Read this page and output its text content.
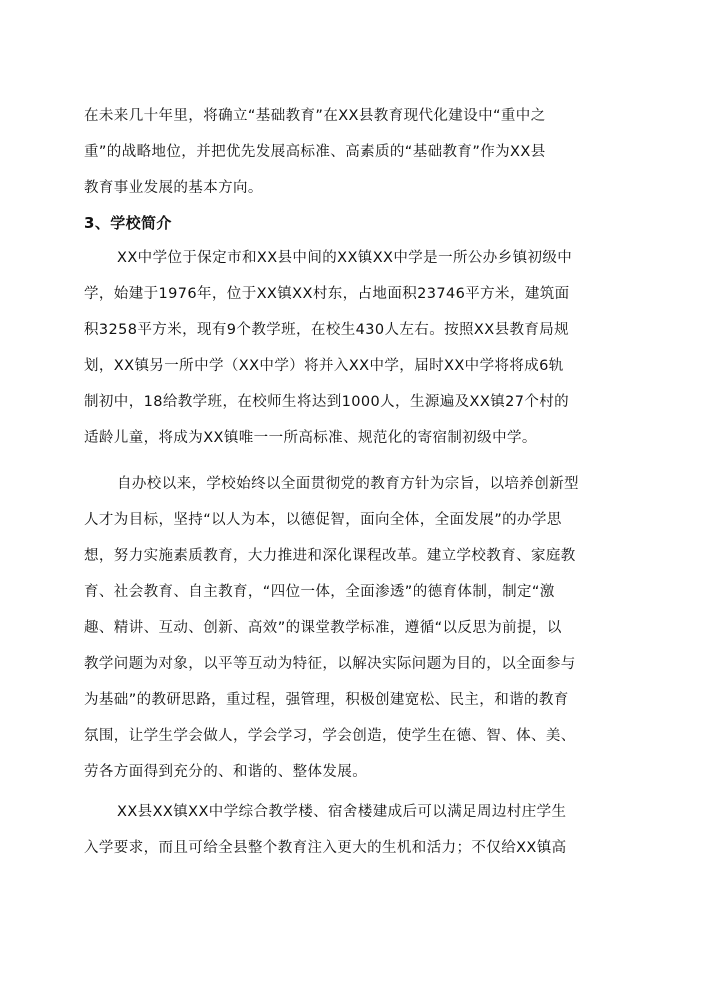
在未来几十年里，将确立“基础教育”在XX县教育现代化建设中“重中之
重”的战略地位，并把优先发展高标准、高素质的“基础教育”作为XX县
教育事业发展的基本方向。
3、学校简介
XX中学位于保定市和XX县中间的XX镇XX中学是一所公办乡镇初级中
学，始建于1976年，位于XX镇XX村东，占地面积23746平方米，建筑面
积3258平方米，现有9个教学班，在校生430人左右。按照XX县教育局规
划，XX镇另一所中学（XX中学）将并入XX中学，届时XX中学将将成6轨
制初中，18给教学班，在校师生将达到1000人，生源遍及XX镇27个村的
适龄儿童，将成为XX镇唯一一所高标准、规范化的寄宿制初级中学。
自办校以来，学校始终以全面贯彻党的教育方针为宗旨，以培养创新型
人才为目标，坚持“以人为本，以德促智，面向全体，全面发展”的办学思
想，努力实施素质教育，大力推进和深化课程改革。建立学校教育、家庭教
育、社会教育、自主教育，“四位一体，全面渗透”的德育体制，制定“激
趣、精讲、互动、创新、高效”的课堂教学标准，遵循“以反思为前提，以
教学问题为对象，以平等互动为特征，以解决实际问题为目的，以全面参与
为基础”的教研思路，重过程，强管理，积极创建宽松、民主，和谐的教育
氛围，让学生学会做人，学会学习，学会创造，使学生在德、智、体、美、
劳各方面得到充分的、和谐的、整体发展。
XX县XX镇XX中学综合教学楼、宿舍楼建成后可以满足周边村庄学生
入学要求，而且可给全县整个教育注入更大的生机和活力；不仅给XX镇高
